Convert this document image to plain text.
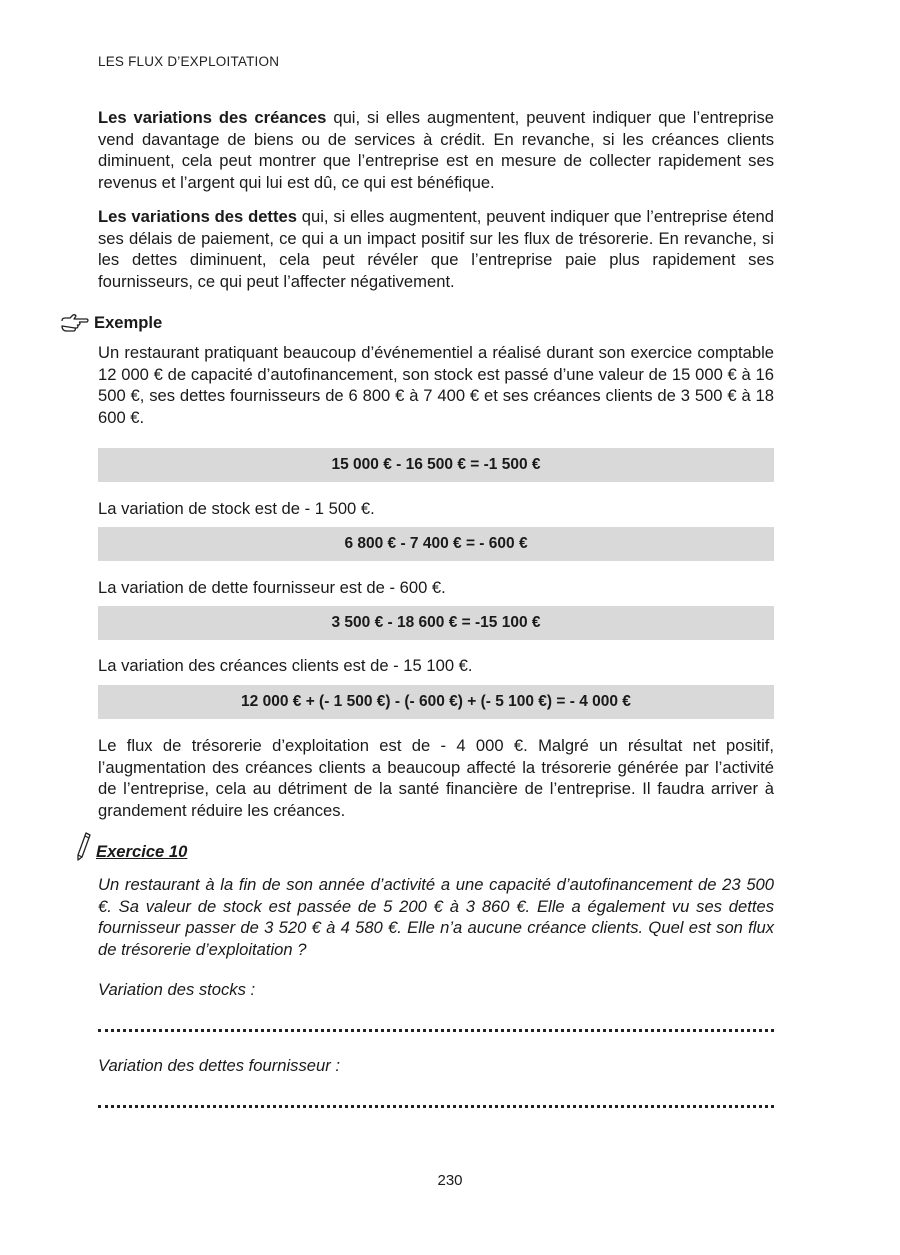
LES FLUX D’EXPLOITATION

Les variations des créances qui, si elles augmentent, peuvent indiquer que l’entreprise vend davantage de biens ou de services à crédit. En revanche, si les créances clients diminuent, cela peut montrer que l’entreprise est en mesure de collecter rapidement ses revenus et l’argent qui lui est dû, ce qui est bénéfique.

Les variations des dettes qui, si elles augmentent, peuvent indiquer que l’entreprise étend ses délais de paiement, ce qui a un impact positif sur les flux de trésorerie. En revanche, si les dettes diminuent, cela peut révéler que l’entreprise paie plus rapidement ses fournisseurs, ce qui peut l’affecter négativement.

Un restaurant pratiquant beaucoup d’événementiel a réalisé durant son exercice comptable 12 000 € de capacité d’autofinancement, son stock est passé d’une valeur de 15 000 € à 16 500 €, ses dettes fournisseurs de 6 800 € à 7 400 € et ses créances clients de 3 500 € à 18 600 €.

15 000 € - 16 500 € = -1 500 €
La variation de stock est de - 1 500 €.
6 800 € - 7 400 € = - 600 €
La variation de dette fournisseur est de - 600 €.
3 500 € - 18 600 € = -15 100 €
La variation des créances clients est de - 15 100 €.
12 000 € + (- 1 500 €) - (- 600 €) + (- 5 100 €) = - 4 000 €

Le flux de trésorerie d’exploitation est de - 4 000 €. Malgré un résultat net positif, l’augmentation des créances clients a beaucoup affecté la trésorerie générée par l’activité de l’entreprise, cela au détriment de la santé financière de l’entreprise. Il faudra arriver à grandement réduire les créances.

Un restaurant à la fin de son année d’activité a une capacité d’autofinancement de 23 500 €. Sa valeur de stock est passée de 5 200 € à 3 860 €. Elle a également vu ses dettes fournisseur passer de 3 520 € à 4 580 €. Elle n’a aucune créance clients. Quel est son flux de trésorerie d’exploitation ?

Variation des stocks :
Variation des dettes fournisseur :
Exemple
Exercice 10
230
